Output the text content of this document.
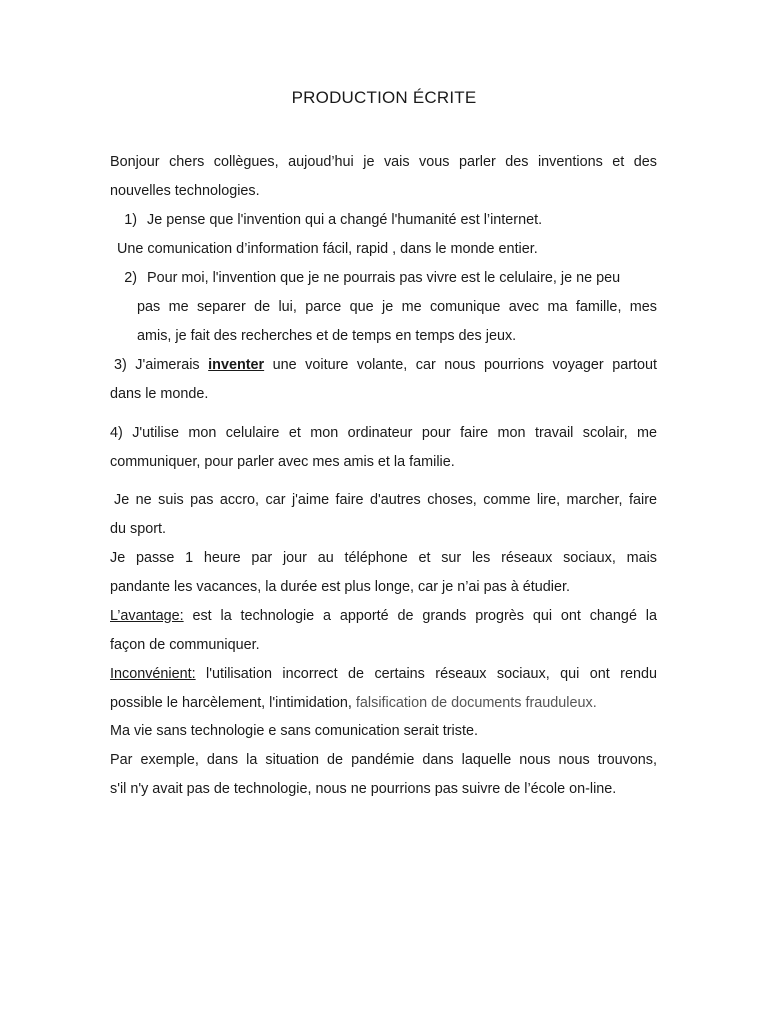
PRODUCTION ÉCRITE
Bonjour chers collègues, aujoud’hui je vais vous parler des inventions et des
nouvelles technologies.
1) Je pense que l'invention qui a changé l'humanité est l’internet.
Une comunication d’information fácil, rapid , dans le monde entier.
2) Pour moi, l'invention que je ne pourrais pas vivre est le celulaire, je ne peu
pas me separer de lui, parce que je me comunique avec ma famille, mes
amis, je fait des recherches et de temps en temps des jeux.
3) J'aimerais inventer une voiture volante, car nous pourrions voyager partout
dans le monde.
4) J'utilise mon celulaire et mon ordinateur pour faire mon travail scolair, me
communiquer, pour parler avec mes amis et la familie.
Je ne suis pas accro, car j'aime faire d'autres choses, comme lire, marcher, faire
du sport.
Je passe 1 heure par jour au téléphone et sur les réseaux sociaux, mais
pandante les vacances, la durée est plus longe, car je n’ai pas à étudier.
L’avantage: est la technologie a apporté de grands progrès qui ont changé la
façon de communiquer.
Inconvénient: l'utilisation incorrect de certains réseaux sociaux, qui ont rendu
possible le harcèlement, l'intimidation, falsification de documents frauduleux.
Ma vie sans technologie e sans comunication serait triste.
Par exemple, dans la situation de pandémie dans laquelle nous nous trouvons,
s'il n'y avait pas de technologie, nous ne pourrions pas suivre de l’école on-line.
